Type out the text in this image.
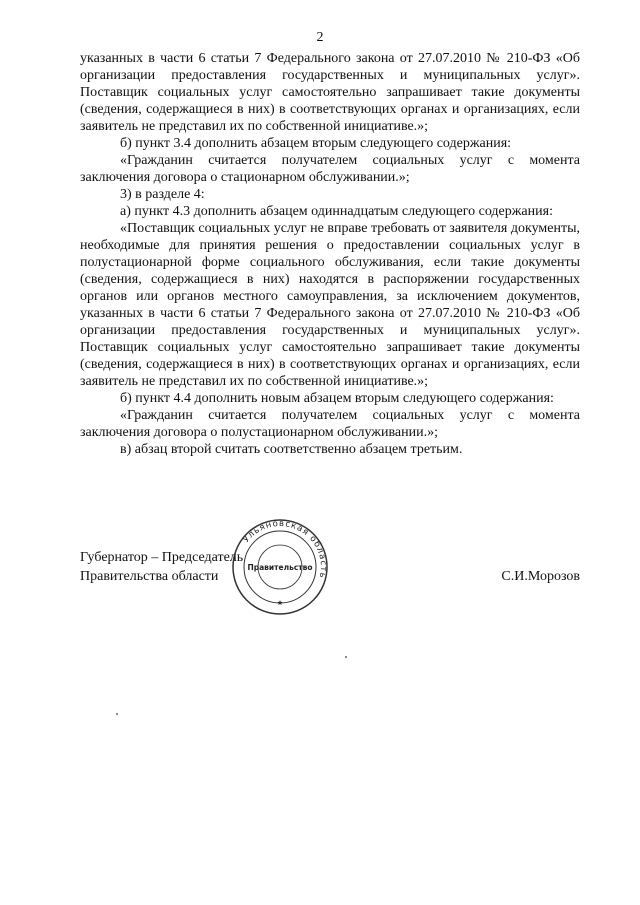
2

указанных в части 6 статьи 7 Федерального закона от 27.07.2010 № 210-ФЗ «Об организации предоставления государственных и муниципальных услуг». Поставщик социальных услуг самостоятельно запрашивает такие документы (сведения, содержащиеся в них) в соответствующих органах и организациях, если заявитель не представил их по собственной инициативе.»;

б) пункт 3.4 дополнить абзацем вторым следующего содержания:

«Гражданин считается получателем социальных услуг с момента заключения договора о стационарном обслуживании.»;

3) в разделе 4:

а) пункт 4.3 дополнить абзацем одиннадцатым следующего содержания:

«Поставщик социальных услуг не вправе требовать от заявителя документы, необходимые для принятия решения о предоставлении социальных услуг в полустационарной форме социального обслуживания, если такие документы (сведения, содержащиеся в них) находятся в распоряжении государственных органов или органов местного самоуправления, за исключением документов, указанных в части 6 статьи 7 Федерального закона от 27.07.2010 № 210-ФЗ «Об организации предоставления государственных и муниципальных услуг». Поставщик социальных услуг самостоятельно запрашивает такие документы (сведения, содержащиеся в них) в соответствующих органах и организациях, если заявитель не представил их по собственной инициативе.»;

б) пункт 4.4 дополнить новым абзацем вторым следующего содержания:

«Гражданин считается получателем социальных услуг с момента заключения договора о полустационарном обслуживании.»;

в) абзац второй считать соответственно абзацем третьим.

Губернатор – Председатель
Правительства области	С.И.Морозов
Ульяновская область
Правительство
★
